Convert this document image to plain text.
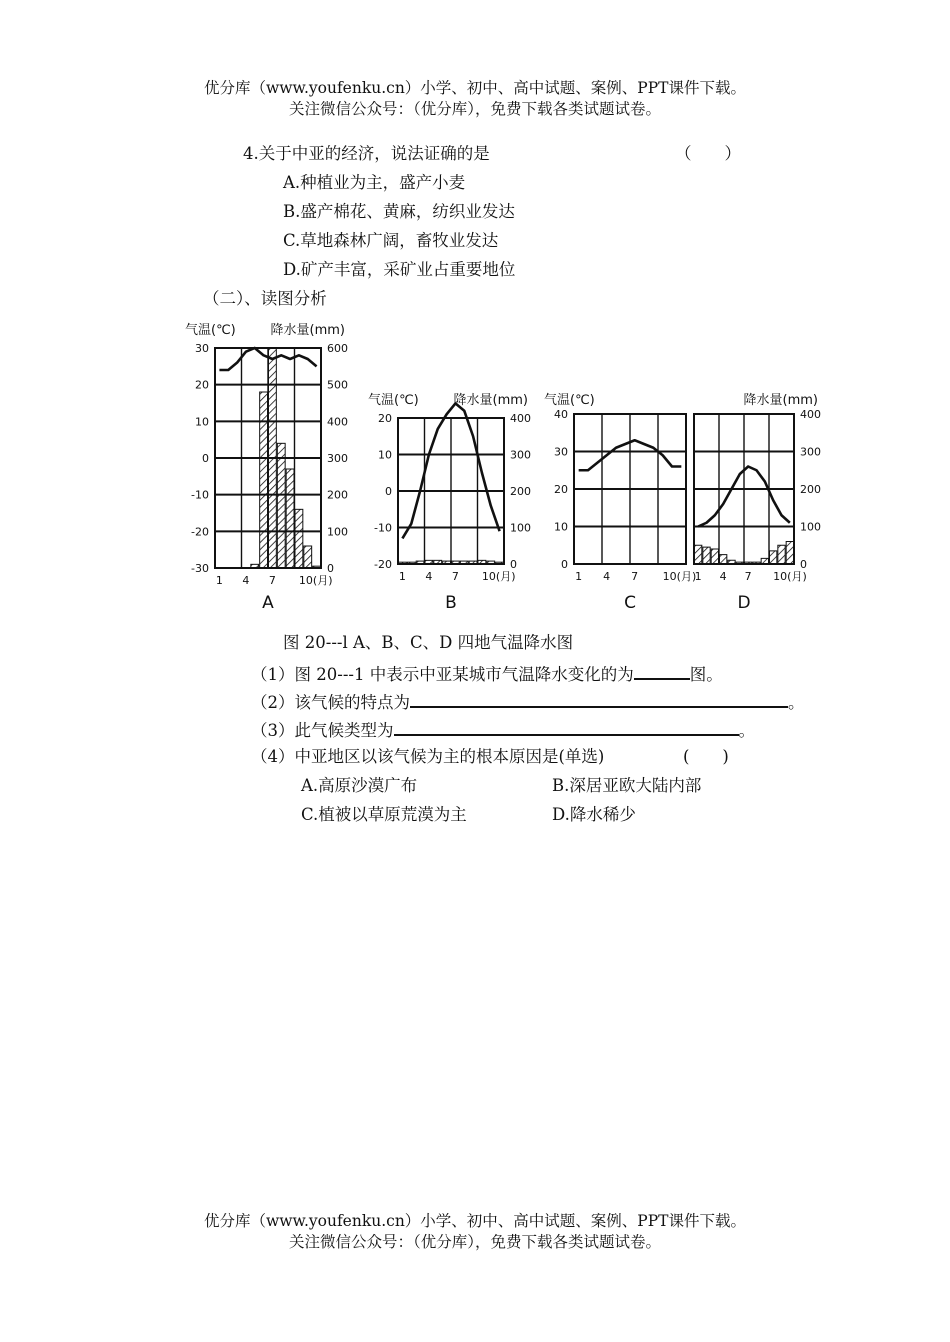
优分库（www.youfenku.cn）小学、初中、高中试题、案例、PPT课件下载。
关注微信公众号：（优分库），免费下载各类试题试卷。
4.关于中亚的经济，说法证确的是	（　　）
A.种植业为主，盛产小麦
B.盛产棉花、黄麻，纺织业发达
C.草地森林广阔，畜牧业发达
D.矿产丰富，采矿业占重要地位
（二）、读图分析
30
20
10
0
-10
-20
-30
600
500
400
300
200
100
0
1 4 7 10(月)
气温(℃)	降水量(mm)
A
20
10
0
-10
-20
400
300
200
100
0
1 4 7 10(月)
气温(℃)	降水量(mm)
B
40
30
20
10
0
1 4 7 10(月)
气温(℃)
C
400
300
200
100
0
1 4 7 10(月)
降水量(mm)
D
图 20---l A、B、C、D 四地气温降水图
（1）图 20---1 中表示中亚某城市气温降水变化的为	图。
（2）该气候的特点为	。
（3）此气候类型为	。
（4）中亚地区以该气候为主的根本原因是(单选)	(　　)
A.高原沙漠广布	B.深居亚欧大陆内部
C.植被以草原荒漠为主	D.降水稀少
优分库（www.youfenku.cn）小学、初中、高中试题、案例、PPT课件下载。
关注微信公众号：（优分库），免费下载各类试题试卷。
